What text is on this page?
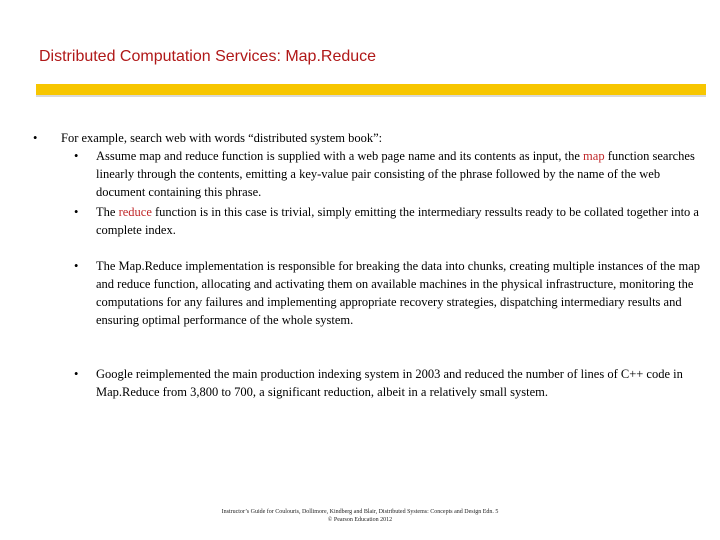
Distributed Computation Services: Map.Reduce
• For example, search web with words “distributed system book”:
• Assume map and reduce function is supplied with a web page name and its contents as input, the map function searches linearly through the contents, emitting a key-value pair consisting of the phrase followed by the name of the web document containing this phrase.
• The reduce function is in this case is trivial, simply emitting the intermediary ressults ready to be collated together into a complete index.
• The Map.Reduce implementation is responsible for breaking the data into chunks, creating multiple instances of the map and reduce function, allocating and activating them on available machines in the physical infrastructure, monitoring the computations for any failures and implementing appropriate recovery strategies, dispatching intermediary results and ensuring optimal performance of the whole system.
• Google reimplemented the main production indexing system in 2003 and reduced the number of lines of C++ code in Map.Reduce from 3,800 to 700, a significant reduction, albeit in a relatively small system.
Instructor’s Guide for Coulouris, Dollimore, Kindberg and Blair, Distributed Systems: Concepts and Design Edn. 5
© Pearson Education 2012
